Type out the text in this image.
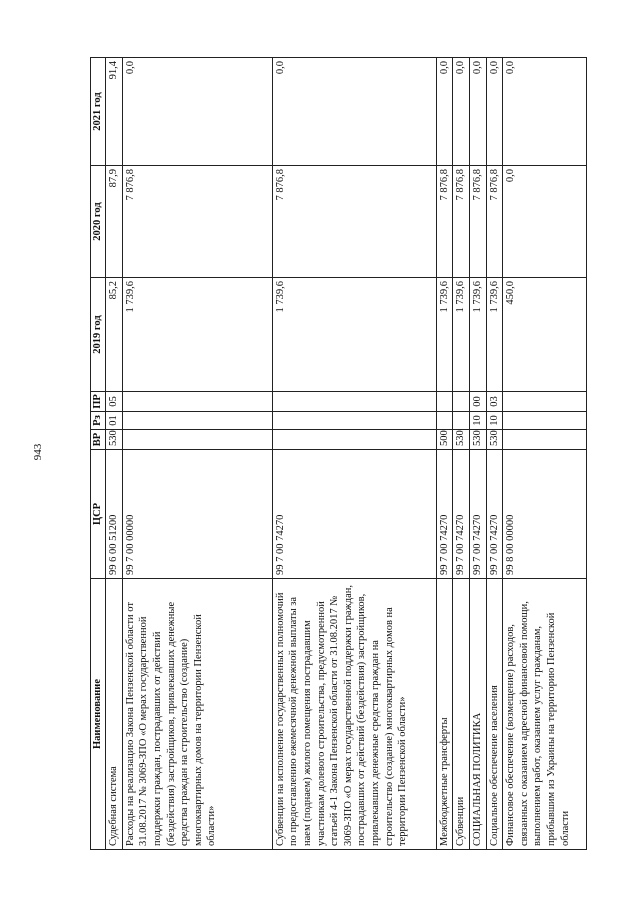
943
Наименование	ЦСР	ВР	Рз	ПР	2019 год	2020 год	2021 год
Судебная система	99 6 00 51200	530	01	05	85,2	87,9	91,4
Расходы на реализацию Закона Пензенской области от 31.08.2017 № 3069-ЗПО «О мерах государственной поддержки граждан, пострадавших от действий (бездействия) застройщиков, привлекавших денежные средства граждан на строительство (создание) многоквартирных домов на территории Пензенской области»	99 7 00 00000				1 739,6	7 876,8	0,0
Субвенции на исполнение государственных полномочий по предоставлению ежемесячной денежной выплаты за наем (поднаем) жилого помещения пострадавшим участникам долевого строительства, предусмотренной статьей 4-1 Закона Пензенской области от 31.08.2017 № 3069-ЗПО «О мерах государственной поддержки граждан, пострадавших от действий (бездействия) застройщиков, привлекавших денежные средства граждан на строительство (создание) многоквартирных домов на территории Пензенской области»	99 7 00 74270				1 739,6	7 876,8	0,0
Межбюджетные трансферты	99 7 00 74270	500			1 739,6	7 876,8	0,0
Субвенции	99 7 00 74270	530			1 739,6	7 876,8	0,0
СОЦИАЛЬНАЯ ПОЛИТИКА	99 7 00 74270	530	10	00	1 739,6	7 876,8	0,0
Социальное обеспечение населения	99 7 00 74270	530	10	03	1 739,6	7 876,8	0,0
Финансовое обеспечение (возмещение) расходов, связанных с оказанием адресной финансовой помощи, выполнением работ, оказанием услуг гражданам, прибывшим из Украины на территорию Пензенской области	99 8 00 00000				450,0	0,0	0,0
